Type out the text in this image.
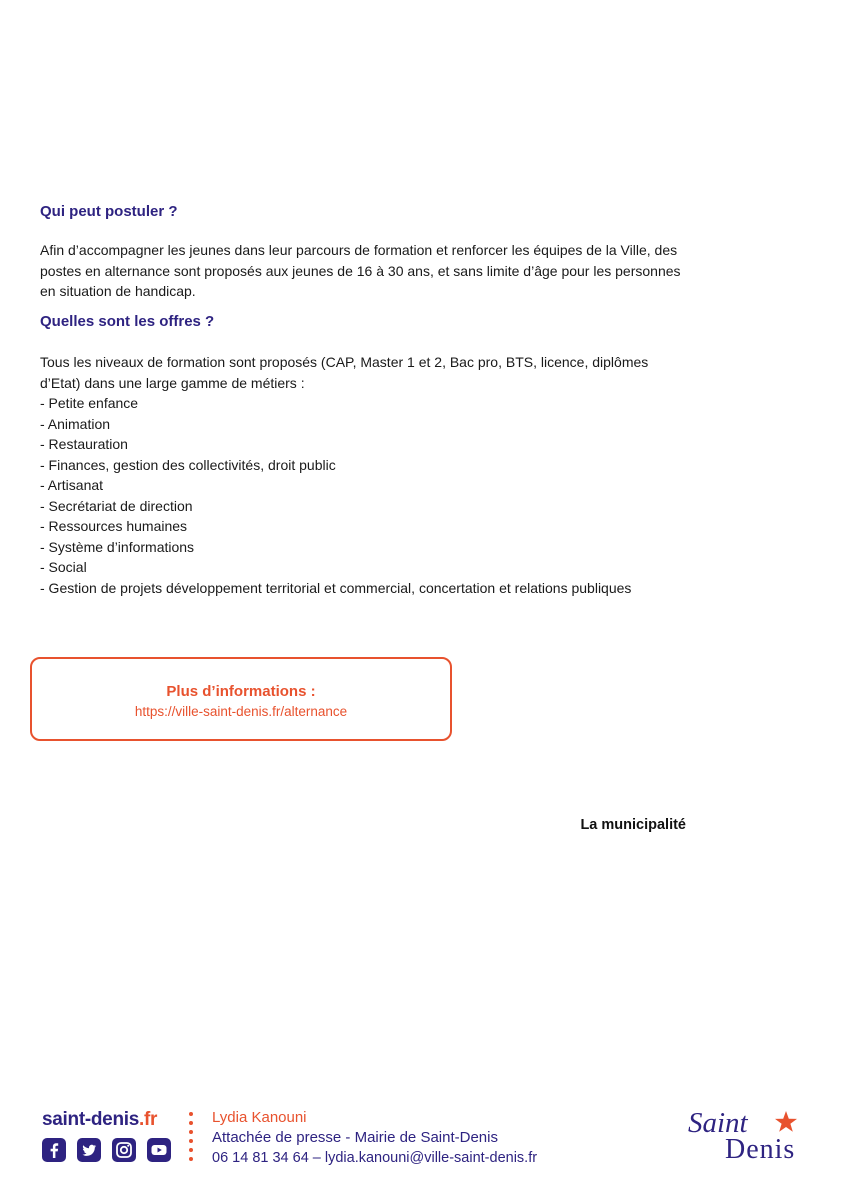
Qui peut postuler ?

Afin d’accompagner les jeunes dans leur parcours de formation et renforcer les équipes de la Ville, des
postes en alternance sont proposés aux jeunes de 16 à 30 ans, et sans limite d’âge pour les personnes
en situation de handicap.

Quelles sont les offres ?

Tous les niveaux de formation sont proposés (CAP, Master 1 et 2, Bac pro, BTS, licence, diplômes
d’Etat) dans une large gamme de métiers :

- Petite enfance
- Animation
- Restauration
- Finances, gestion des collectivités, droit public
- Artisanat
- Secrétariat de direction
- Ressources humaines
- Système d’informations
- Social
- Gestion de projets développement territorial et commercial, concertation et relations publiques
Plus d’informations :
https://ville-saint-denis.fr/alternance
La municipalité
saint-denis.fr	Lydia Kanouni
Attachée de presse - Mairie de Saint-Denis
06 14 81 34 64 – lydia.kanouni@ville-saint-denis.fr
Saint
Denis
